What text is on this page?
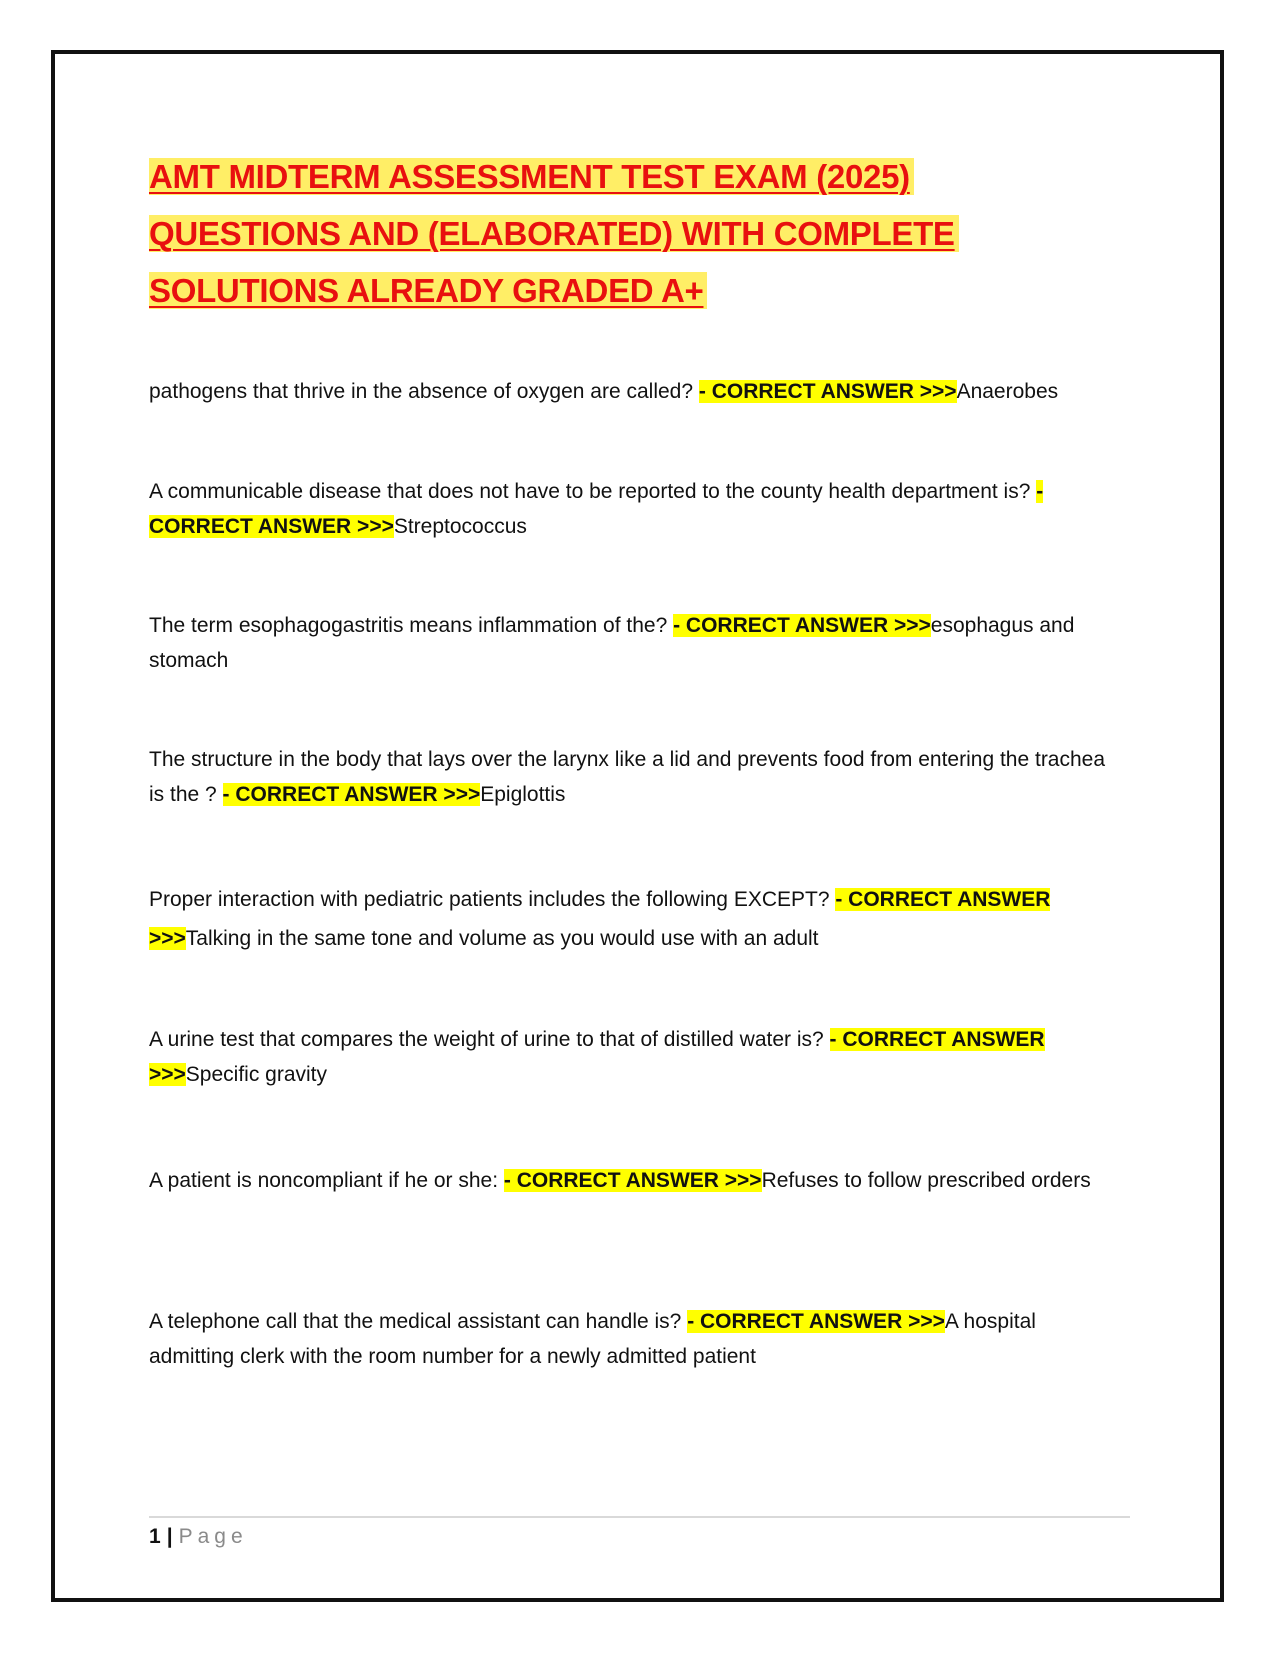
AMT MIDTERM ASSESSMENT TEST EXAM (2025)
QUESTIONS AND (ELABORATED) WITH COMPLETE
SOLUTIONS ALREADY GRADED A+

pathogens that thrive in the absence of oxygen are called? - CORRECT ANSWER >>>Anaerobes

A communicable disease that does not have to be reported to the county health department is? - CORRECT ANSWER >>>Streptococcus

The term esophagogastritis means inflammation of the? - CORRECT ANSWER >>>esophagus and stomach

The structure in the body that lays over the larynx like a lid and prevents food from entering the trachea is the ? - CORRECT ANSWER >>>Epiglottis

Proper interaction with pediatric patients includes the following EXCEPT? - CORRECT ANSWER >>>Talking in the same tone and volume as you would use with an adult

A urine test that compares the weight of urine to that of distilled water is? - CORRECT ANSWER >>>Specific gravity

A patient is noncompliant if he or she: - CORRECT ANSWER >>>Refuses to follow prescribed orders

A telephone call that the medical assistant can handle is? - CORRECT ANSWER >>>A hospital admitting clerk with the room number for a newly admitted patient

1 | Page
